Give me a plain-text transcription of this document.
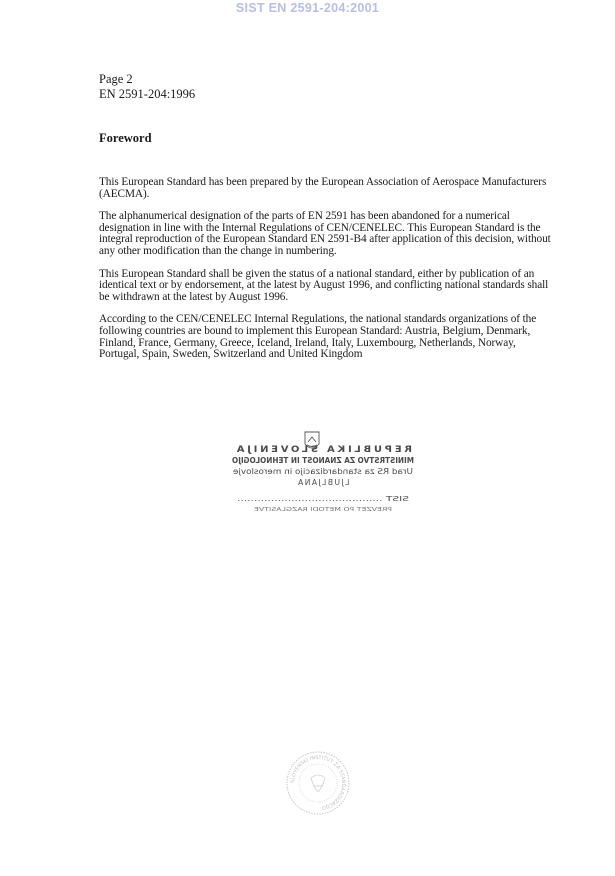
SIST EN 2591-204:2001
Page 2
EN 2591-204:1996
Foreword

This European Standard has been prepared by the European Association of Aerospace Manufacturers (AECMA).

The alphanumerical designation of the parts of EN 2591 has been abandoned for a numerical designation in line with the Internal Regulations of CEN/CENELEC. This European Standard is the integral reproduction of the European Standard EN 2591-B4 after application of this decision, without any other modification than the change in numbering.

This European Standard shall be given the status of a national standard, either by publication of an identical text or by endorsement, at the latest by August 1996, and conflicting national standards shall be withdrawn at the latest by August 1996.

According to the CEN/CENELEC Internal Regulations, the national standards organizations of the following countries are bound to implement this European Standard: Austria, Belgium, Denmark, Finland, France, Germany, Greece, Iceland, Ireland, Italy, Luxembourg, Netherlands, Norway, Portugal, Spain, Sweden, Switzerland and United Kingdom

REPUBLIKA SLOVENIJA
MINISTRSTVO ZA ZNANOST IN TEHNOLOGIJO
Urad RS za standardizacijo in meroslovje
LJUBLJANA
SIST ...........................................
PREVZET PO METODI RAZGLASITVE
SLOVENSKI INSTITUT ZA STANDARDIZACIJO
